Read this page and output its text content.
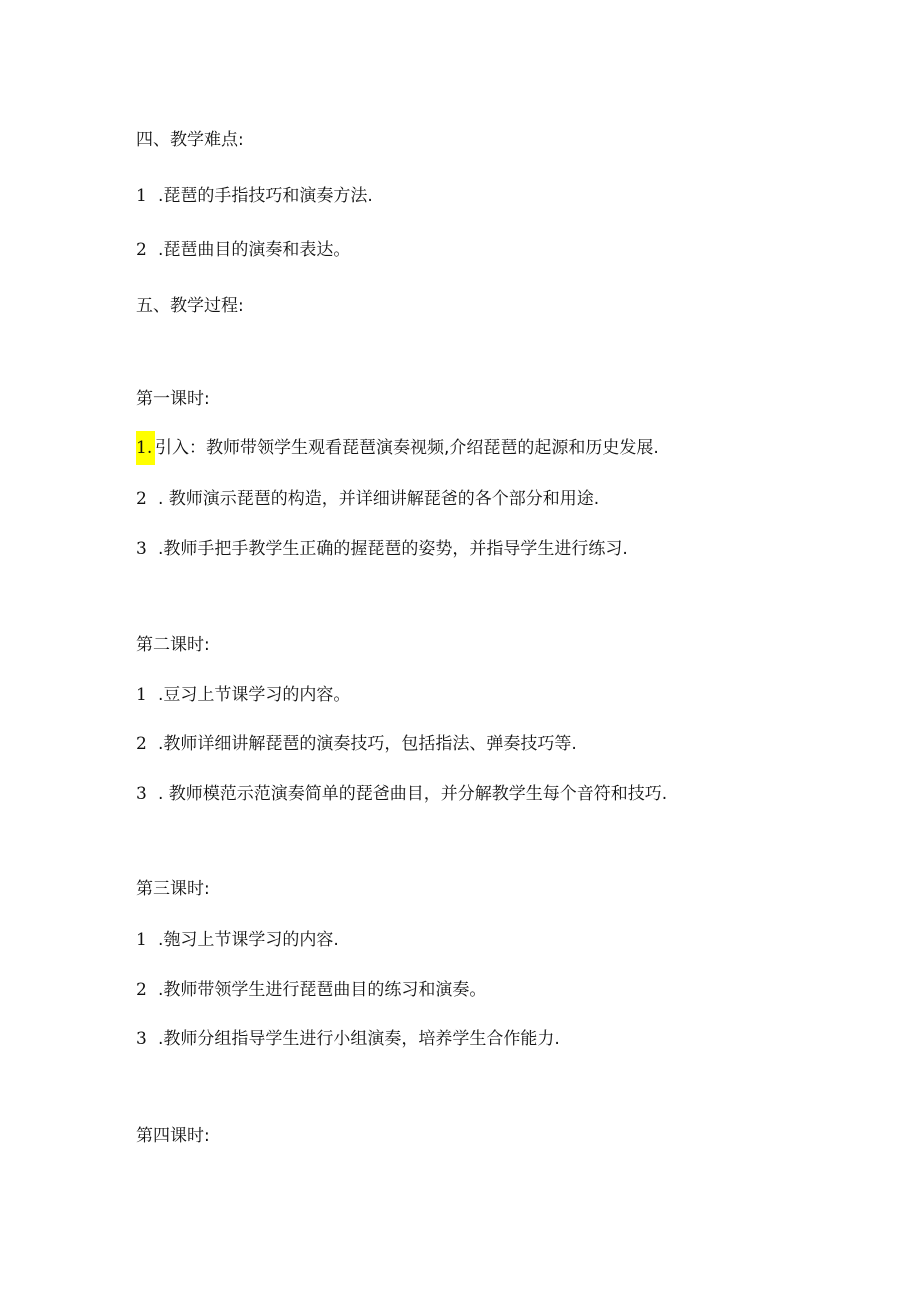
四、教学难点:
1 .琵琶的手指技巧和演奏方法.
2 .琵琶曲目的演奏和表达。
五、教学过程:
第一课时:
1. 引入：教师带领学生观看琵琶演奏视频,介绍琵琶的起源和历史发展.
2 . 教师演示琵琶的构造，并详细讲解琵爸的各个部分和用途.
3 .教师手把手教学生正确的握琵琶的姿势，并指导学生进行练习.
第二课时:
1 .豆习上节课学习的内容。
2 .教师详细讲解琵琶的演奏技巧，包括指法、弹奏技巧等.
3 . 教师模范示范演奏简单的琵爸曲目，并分解教学生每个音符和技巧.
第三课时:
1 .匏习上节课学习的内容.
2 .教师带领学生进行琵琶曲目的练习和演奏。
3 .教师分组指导学生进行小组演奏，培养学生合作能力.
第四课时:
